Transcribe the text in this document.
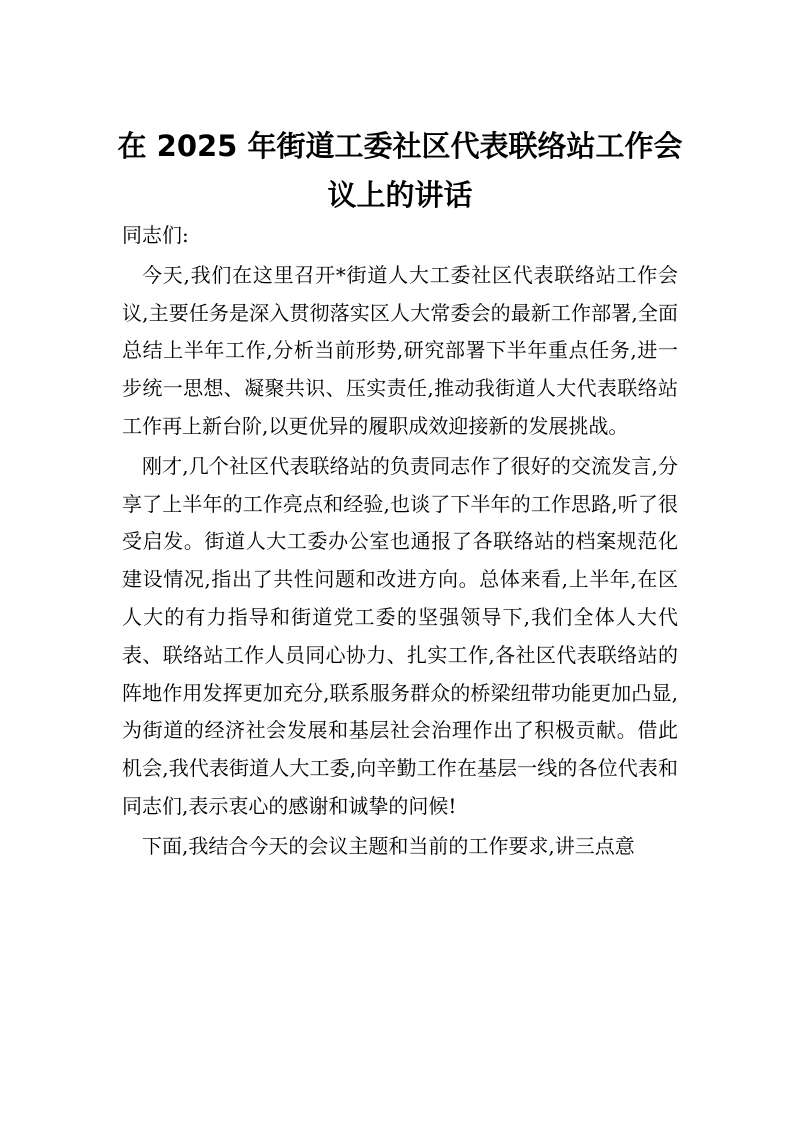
在 2025 年街道工委社区代表联络站工作会
议上的讲话

同志们:

今天,我们在这里召开*街道人大工委社区代表联络站工作会议,主要任务是深入贯彻落实区人大常委会的最新工作部署,全面总结上半年工作,分析当前形势,研究部署下半年重点任务,进一步统一思想、凝聚共识、压实责任,推动我街道人大代表联络站工作再上新台阶,以更优异的履职成效迎接新的发展挑战。

刚才,几个社区代表联络站的负责同志作了很好的交流发言,分享了上半年的工作亮点和经验,也谈了下半年的工作思路,听了很受启发。街道人大工委办公室也通报了各联络站的档案规范化建设情况,指出了共性问题和改进方向。总体来看,上半年,在区人大的有力指导和街道党工委的坚强领导下,我们全体人大代表、联络站工作人员同心协力、扎实工作,各社区代表联络站的阵地作用发挥更加充分,联系服务群众的桥梁纽带功能更加凸显,为街道的经济社会发展和基层社会治理作出了积极贡献。借此机会,我代表街道人大工委,向辛勤工作在基层一线的各位代表和同志们,表示衷心的感谢和诚挚的问候!

下面,我结合今天的会议主题和当前的工作要求,讲三点意
